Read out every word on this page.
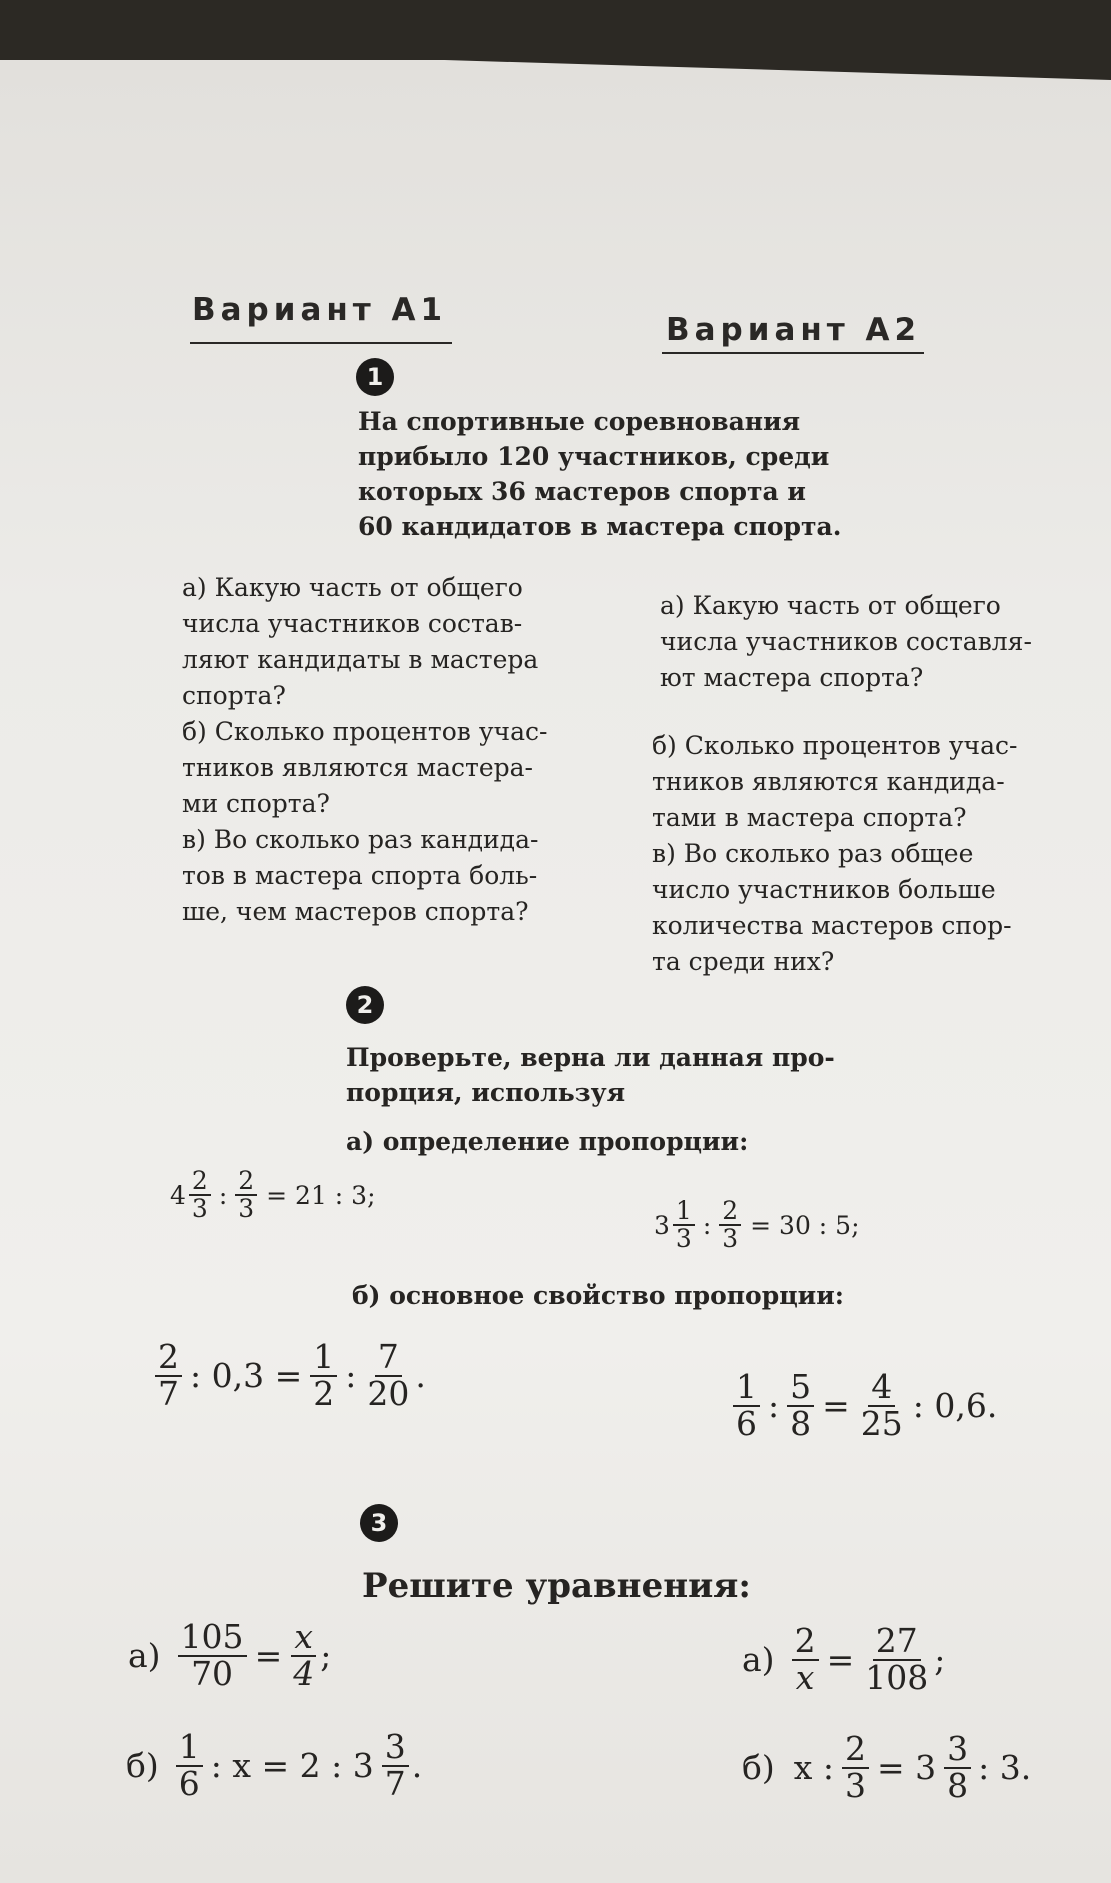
Вариант А1
Вариант А2
1
На спортивные соревнования
прибыло 120 участников, среди
которых 36 мастеров спорта и
60 кандидатов в мастера спорта.
а) Какую часть от общего
числа участников состав-
ляют кандидаты в мастера
спорта?
б) Сколько процентов учас-
тников являются мастера-
ми спорта?
в) Во сколько раз кандида-
тов в мастера спорта боль-
ше, чем мастеров спорта?
а) Какую часть от общего
числа участников составля-
ют мастера спорта?
б) Сколько процентов учас-
тников являются кандида-
тами в мастера спорта?
в) Во сколько раз общее
число участников больше
количества мастеров спор-
та среди них?
2
Проверьте, верна ли данная про-
порция, используя
а) определение пропорции:
$4 \frac{2}{3}$ : $\frac{2}{3} = 21$ : 3;
$3 \frac{1}{3}$ : $\frac{2}{3} = 30$ : 5;
б) основное свойство пропорции:
$\frac{2}{7}$ : $0,3 = \frac{1}{2}$ : $\frac{7}{20}$ .	$\frac{1}{6}$ : $\frac{5}{8} = \frac{4}{25}$ : 0,6.
3
Решите уравнения:
$а) \frac{105}{70} = \frac{x}{4}$ ;
$б) \frac{1}{6}$ : x = 2 : $3 \frac{3}{7}$ .
$а) \frac{2}{x} = \frac{27}{108}$ ;
б) x : $\frac{2}{3} = 3 \frac{3}{8}$ : 3.
